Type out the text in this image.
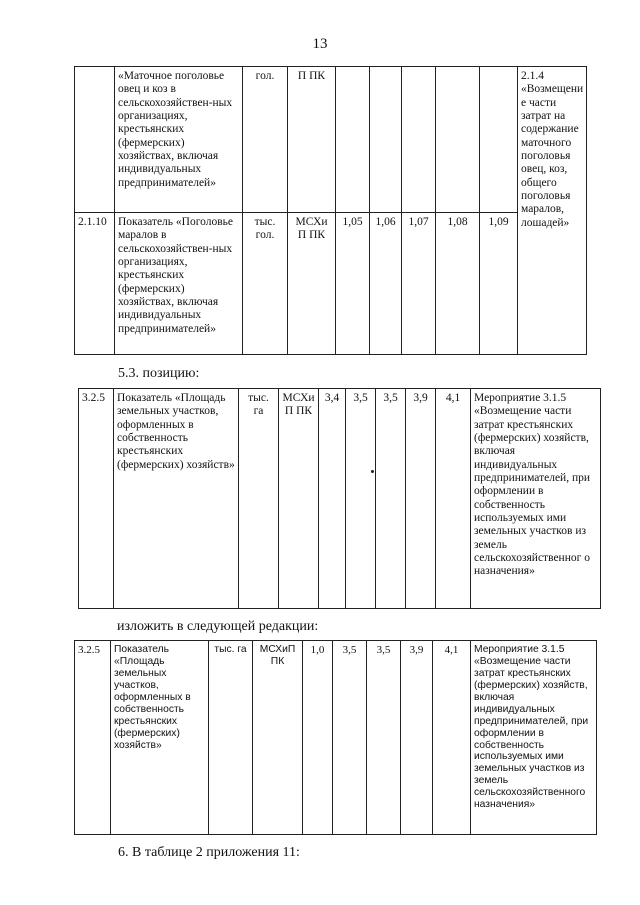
13
	«Маточное поголовье овец и коз в сельскохозяйствен-ных организациях, крестьянских (фермерских) хозяйствах, включая индивидуальных предпринимателей»	гол.	П ПК						2.1.4 «Возмещени е части затрат на содержание маточного поголовья овец, коз, общего поголовья маралов, лошадей»
2.1.10	Показатель «Поголовье маралов в сельскохозяйствен-ных организациях, крестьянских (фермерских) хозяйствах, включая индивидуальных предпринимателей»	тыс. гол.	МСХи П ПК	1,05	1,06	1,07	1,08	1,09	
5.3. позицию:
3.2.5	Показатель «Площадь земельных участков, оформленных в собственность крестьянских (фермерских) хозяйств»	тыс. га	МСХи П ПК	3,4	3,5	3,5	3,9	4,1	Мероприятие 3.1.5 «Возмещение части затрат крестьянских (фермерских) хозяйств, включая индивидуальных предпринимателей, при оформлении в собственность используемых ими земельных участков из земель сельскохозяйственног о назначения»
изложить в следующей редакции:
3.2.5	Показатель «Площадь земельных участков, оформленных в собственность крестьянских (фермерских) хозяйств»	тыс. га	МСХиП ПК	1,0	3,5	3,5	3,9	4,1	Мероприятие 3.1.5 «Возмещение части затрат крестьянских (фермерских) хозяйств, включая индивидуальных предпринимателей, при оформлении в собственность используемых ими земельных участков из земель сельскохозяйственного назначения»
6. В таблице 2 приложения 11:
